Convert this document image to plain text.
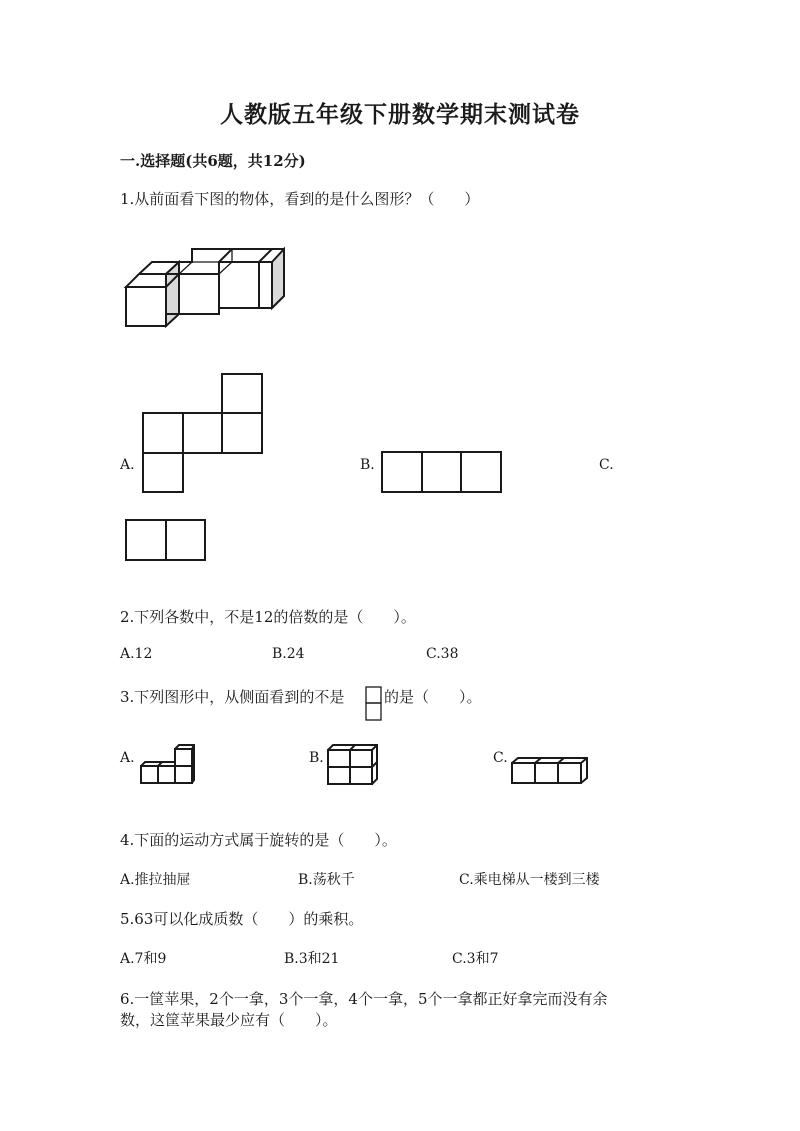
人教版五年级下册数学期末测试卷
一.选择题(共6题，共12分)
1.从前面看下图的物体，看到的是什么图形？（　　）
A.	B.	C.
2.下列各数中，不是12的倍数的是（　　）。
A.12	B.24	C.38
3.下列图形中，从侧面看到的不是	的是（　　）。
A.	B.	C.
4.下面的运动方式属于旋转的是（　　）。
A.推拉抽屉	B.荡秋千	C.乘电梯从一楼到三楼
5.63可以化成质数（　　）的乘积。
A.7和9	B.3和21	C.3和7
6.一筐苹果，2个一拿，3个一拿，4个一拿，5个一拿都正好拿完而没有余
数，这筐苹果最少应有（　　）。
